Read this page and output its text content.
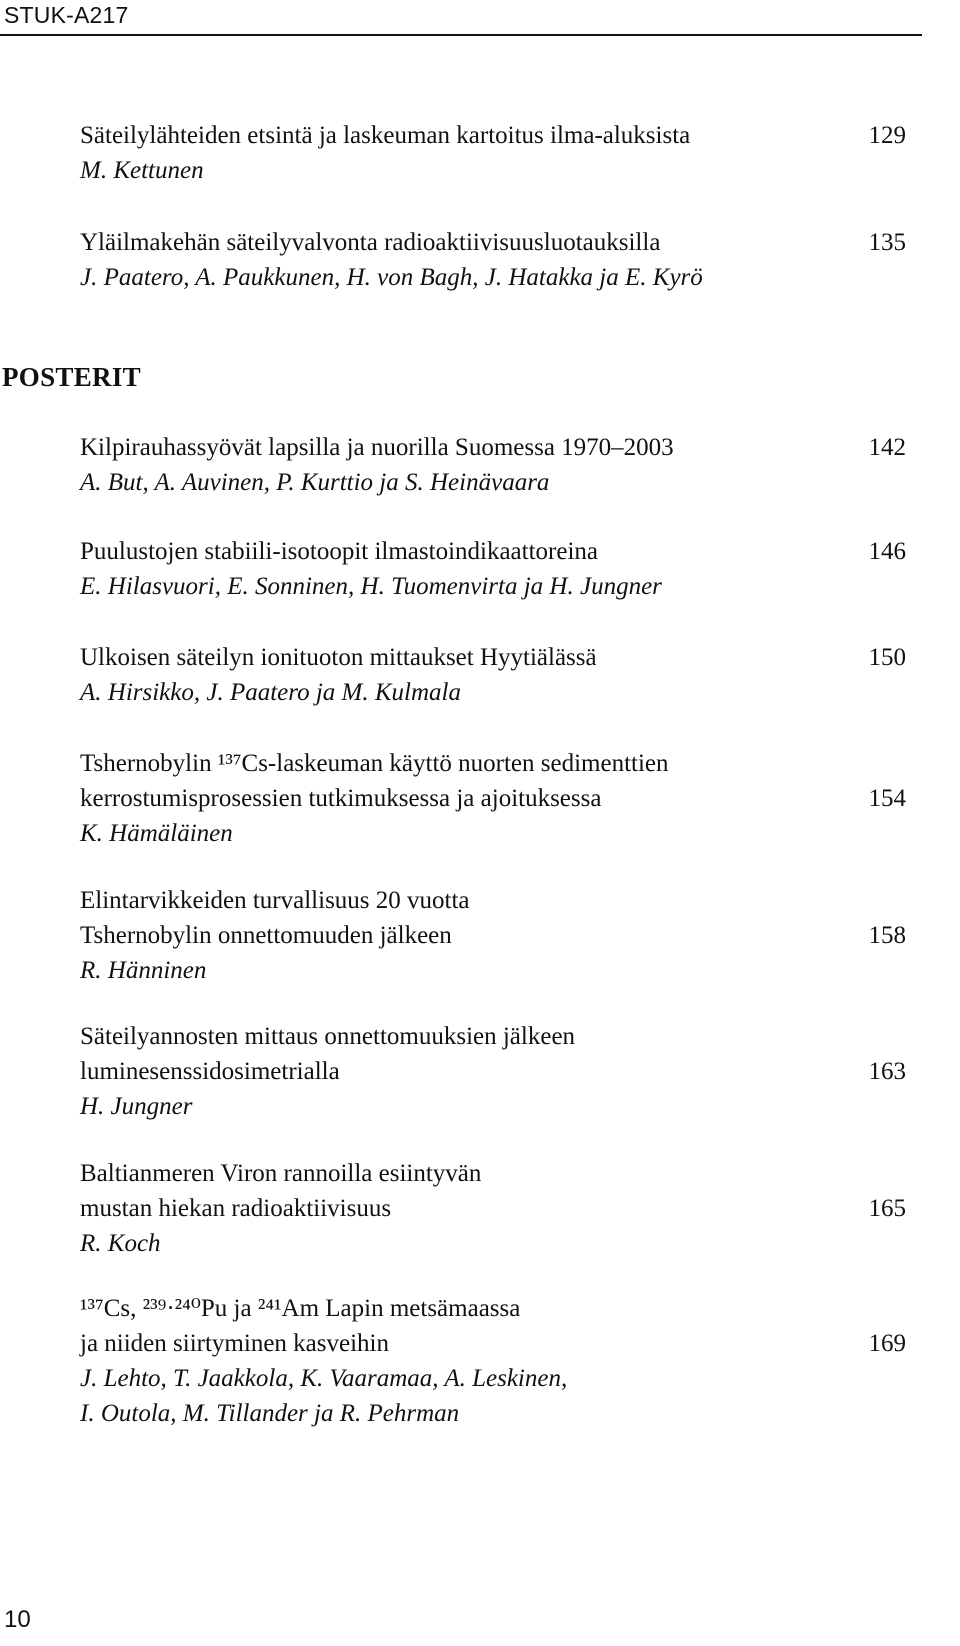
STUK-A217
Säteilylähteiden etsintä ja laskeuman kartoitus ilma-aluksista	129
M. Kettunen
Yläilmakehän säteilyvalvonta radioaktiivisuusluotauksilla	135
J. Paatero, A. Paukkunen, H. von Bagh, J. Hatakka ja E. Kyrö
POSTERIT
Kilpirauhassyövät lapsilla ja nuorilla Suomessa 1970–2003	142
A. But, A. Auvinen, P. Kurttio ja S. Heinävaara
Puulustojen stabiili-isotoopit ilmastoindikaattoreina	146
E. Hilasvuori, E. Sonninen, H. Tuomenvirta ja H. Jungner
Ulkoisen säteilyn ionituoton mittaukset Hyytiälässä	150
A. Hirsikko, J. Paatero ja M. Kulmala
Tshernobylin ¹³⁷Cs-laskeuman käyttö nuorten sedimenttien
kerrostumisprosessien tutkimuksessa ja ajoituksessa	154
K. Hämäläinen
Elintarvikkeiden turvallisuus 20 vuotta
Tshernobylin onnettomuuden jälkeen	158
R. Hänninen
Säteilyannosten mittaus onnettomuuksien jälkeen
luminesenssidosimetrialla	163
H. Jungner
Baltianmeren Viron rannoilla esiintyvän
mustan hiekan radioaktiivisuus	165
R. Koch
¹³⁷Cs, ²³⁹·²⁴⁰Pu ja ²⁴¹Am Lapin metsämaassa
ja niiden siirtyminen kasveihin	169
J. Lehto, T. Jaakkola, K. Vaaramaa, A. Leskinen,
I. Outola, M. Tillander ja R. Pehrman
10
